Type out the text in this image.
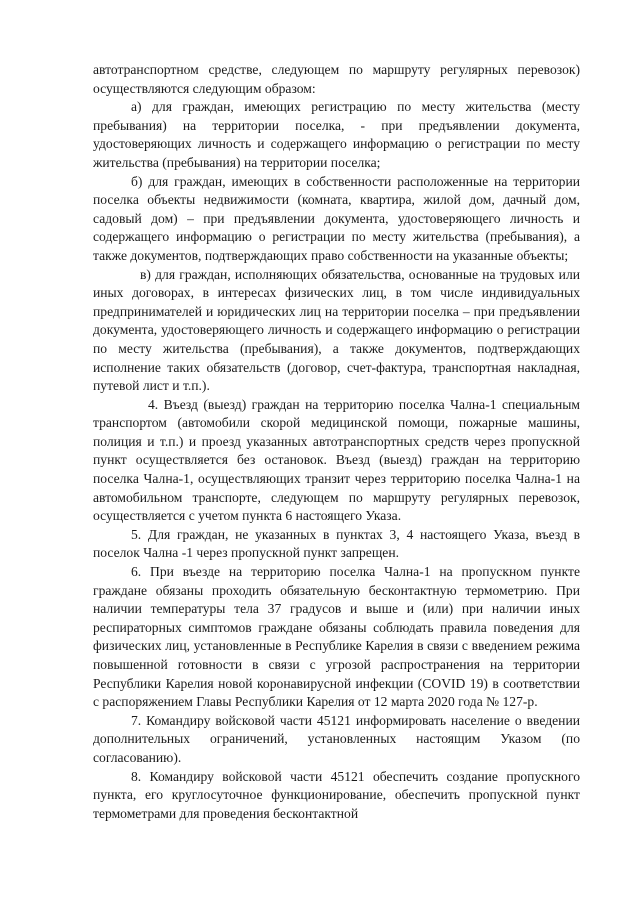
автотранспортном средстве, следующем по маршруту регулярных перевозок) осуществляются следующим образом:

а) для граждан, имеющих регистрацию по месту жительства (месту пребывания) на территории поселка, - при предъявлении документа, удостоверяющих личность и содержащего информацию о регистрации по месту жительства (пребывания) на территории поселка;

б) для граждан, имеющих в собственности расположенные на территории поселка объекты недвижимости (комната, квартира, жилой дом, дачный дом, садовый дом) – при предъявлении документа, удостоверяющего личность и содержащего информацию о регистрации по месту жительства (пребывания), а также документов, подтверждающих право собственности на указанные объекты;

в) для граждан, исполняющих обязательства, основанные на трудовых или иных договорах, в интересах физических лиц, в том числе индивидуальных предпринимателей и юридических лиц на территории поселка – при предъявлении документа, удостоверяющего личность и содержащего информацию о регистрации по месту жительства (пребывания), а также документов, подтверждающих исполнение таких обязательств (договор, счет-фактура, транспортная накладная, путевой лист и т.п.).

4. Въезд (выезд) граждан на территорию поселка Чална-1 специальным транспортом (автомобили скорой медицинской помощи, пожарные машины, полиция и т.п.) и проезд указанных автотранспортных средств через пропускной пункт осуществляется без остановок. Въезд (выезд) граждан на территорию поселка Чална-1, осуществляющих транзит через территорию поселка Чална-1 на автомобильном транспорте, следующем по маршруту регулярных перевозок, осуществляется с учетом пункта 6 настоящего Указа.

5. Для граждан, не указанных в пунктах 3, 4 настоящего Указа, въезд в поселок Чална -1 через пропускной пункт запрещен.

6. При въезде на территорию поселка Чална-1 на пропускном пункте граждане обязаны проходить обязательную бесконтактную термометрию. При наличии температуры тела 37 градусов и выше и (или) при наличии иных респираторных симптомов граждане обязаны соблюдать правила поведения для физических лиц, установленные в Республике Карелия в связи с введением режима повышенной готовности в связи с угрозой распространения на территории Республики Карелия новой коронавирусной инфекции (COVID 19) в соответствии с распоряжением Главы Республики Карелия от 12 марта 2020 года № 127-р.

7. Командиру войсковой части 45121 информировать население о введении дополнительных ограничений, установленных настоящим Указом (по согласованию).

8. Командиру войсковой части 45121 обеспечить создание пропускного пункта, его круглосуточное функционирование, обеспечить пропускной пункт термометрами для проведения бесконтактной
